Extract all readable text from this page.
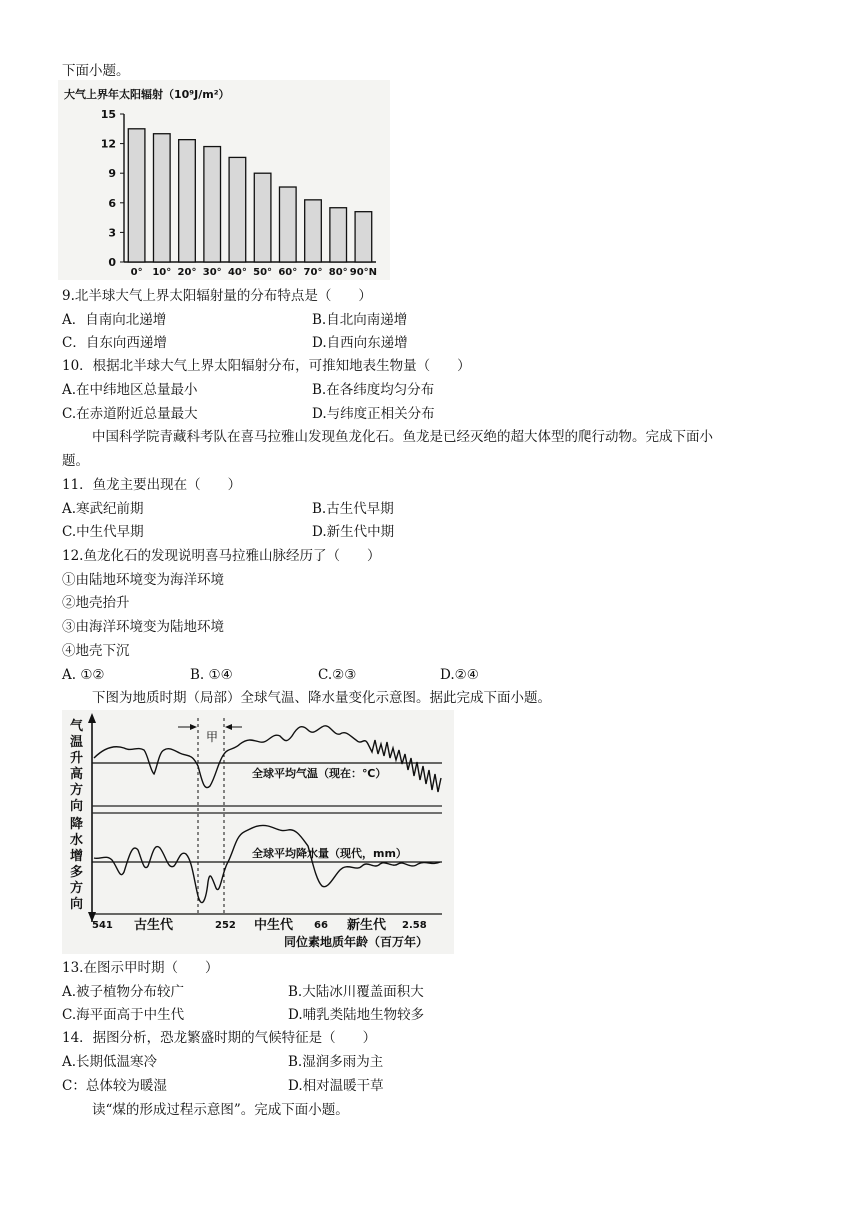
下面小题。
大气上界年太阳辐射（10⁹J/m²）
0
3
6
9
12
15
0° 10° 20° 30° 40° 50° 60° 70° 80° 90°N
9.北半球大气上界太阳辐射量的分布特点是（　　）
A．自南向北递增	B.自北向南递增
C．自东向西递增	D.自西向东递增
10．根据北半球大气上界太阳辐射分布，可推知地表生物量（　　）
A.在中纬地区总量最小	B.在各纬度均匀分布
C.在赤道附近总量最大	D.与纬度正相关分布
中国科学院青藏科考队在喜马拉雅山发现鱼龙化石。鱼龙是已经灭绝的超大体型的爬行动物。完成下面小
题。
11．鱼龙主要出现在（　　）
A.寒武纪前期	B.古生代早期
C.中生代早期	D.新生代中期
12.鱼龙化石的发现说明喜马拉雅山脉经历了（　　）
①由陆地环境变为海洋环境
②地壳抬升
③由海洋环境变为陆地环境
④地壳下沉
A. ①②	B. ①④	C.②③	D.②④
下图为地质时期（局部）全球气温、降水量变化示意图。据此完成下面小题。
气
温
升
高
方
向
降
水
增
多
方
向
全球平均气温（现在：℃）
全球平均降水量（现代，mm）
甲
541	252	66	2.58
古生代	中生代	新生代
同位素地质年龄（百万年）
13.在图示甲时期（　　）
A.被子植物分布较广	B.大陆冰川覆盖面积大
C.海平面高于中生代	D.哺乳类陆地生物较多
14．据图分析，恐龙繁盛时期的气候特征是（　　）
A.长期低温寒冷	B.湿润多雨为主
C：总体较为暖湿	D.相对温暖干草
读“煤的形成过程示意图”。完成下面小题。
